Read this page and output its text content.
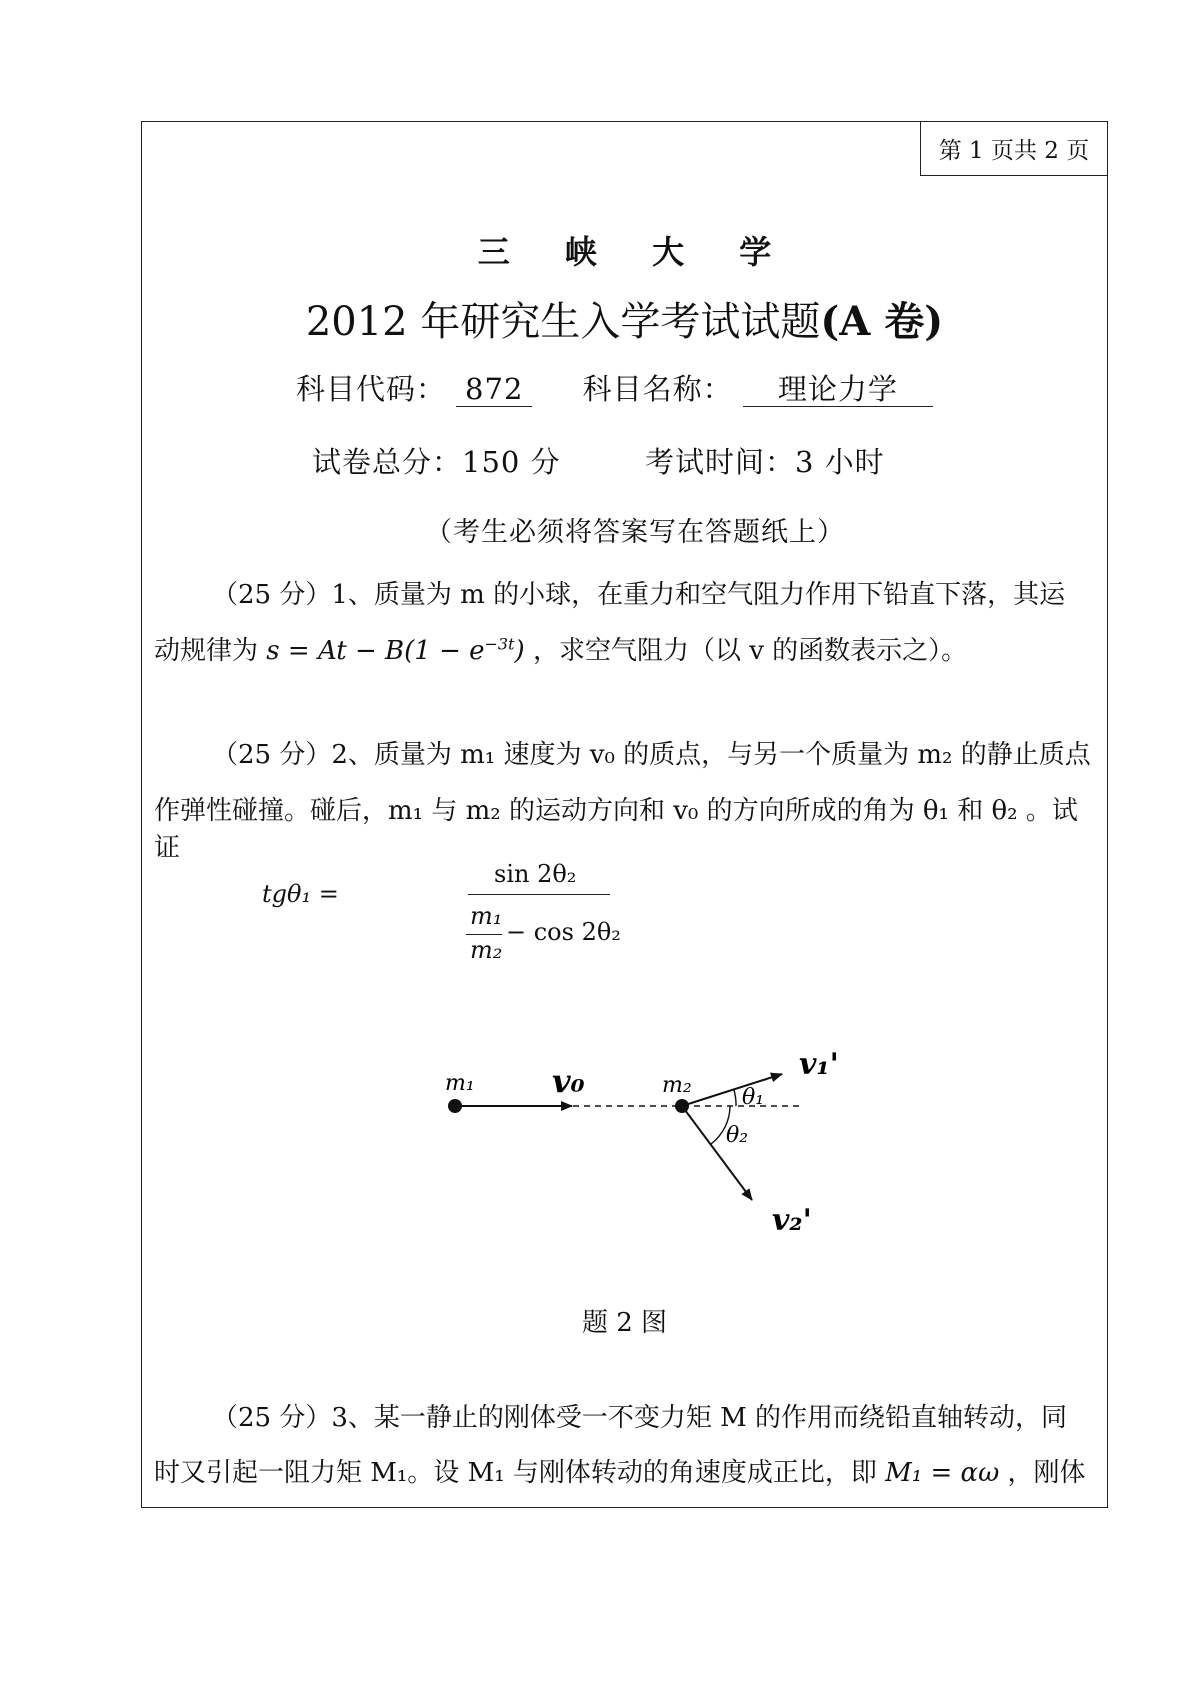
第 1 页共 2 页
三 峡 大 学
2012 年研究生入学考试试题(A 卷)
科目代码： 872 科目名称： 理论力学
试卷总分：150 分	考试时间：3 小时
（考生必须将答案写在答题纸上）
（25 分）1、质量为 m 的小球，在重力和空气阻力作用下铅直下落，其运
动规律为 $s = At - B(1 - e^{-3t})$ ，求空气阻力（以 v 的函数表示之）。
（25 分）2、质量为 m₁ 速度为 v₀ 的质点，与另一个质量为 m₂ 的静止质点
作弹性碰撞。碰后，m₁ 与 m₂ 的运动方向和 v₀ 的方向所成的角为 θ₁ 和 θ₂ 。试证
tgθ₁ =
sin 2θ₂
m₁
m₂
− cos 2θ₂
m₁ v₀	m₂ θ₁
θ₂
v₁'
v₂'
题 2 图
（25 分）3、某一静止的刚体受一不变力矩 M 的作用而绕铅直轴转动，同
时又引起一阻力矩 M₁。设 M₁ 与刚体转动的角速度成正比，即 M₁ = αω ，刚体
